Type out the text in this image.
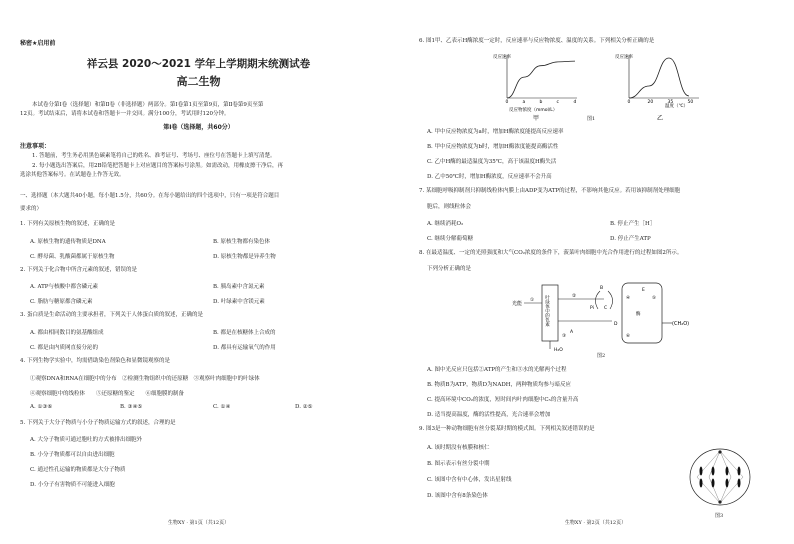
秘密★启用前
祥云县 2020～2021 学年上学期期末统测试卷
高二生物
本试卷分第Ⅰ卷（选择题）和第Ⅱ卷（非选择题）两部分。第Ⅰ卷第1页至第9页，第Ⅱ卷第9页至第
12页。考试结束后，请将本试卷和答题卡一并交回。满分100分，考试用时120分钟。
第Ⅰ卷（选择题，共60分）
注意事项：
1. 答题前，考生务必用黑色碳素笔将自己的姓名、准考证号、考场号、座位号在答题卡上填写清楚。
2. 每小题选出答案后，用2B铅笔把答题卡上对应题目的答案标号涂黑。如需改动，用橡皮擦干净后，再
选涂其他答案标号。在试题卷上作答无效。
一、选择题（本大题共40小题，每小题1.5分，共60分。在每小题给出的四个选项中，只有一项是符合题目
要求的）
1. 下列有关原核生物的叙述，正确的是
A. 原核生物的遗传物质是DNA	B. 原核生物都有染色体
C. 酵母菌、乳酸菌都属于原核生物	D. 原核生物都是异养生物
2. 下列关于化合物中所含元素的叙述，错误的是
A. ATP与核酸中都含磷元素	B. 胰岛素中含氮元素
C. 脂肪与糖原都含磷元素	D. 叶绿素中含镁元素
3. 蛋白质是生命活动的主要承担者，下列关于人体蛋白质的叙述，正确的是
A. 都由相同数目的氨基酸组成	B. 都是在核糖体上合成的
C. 都是由内质网直接分泌的	D. 都具有运输氧气的作用
4. 下列生物学实验中，均需借助染色剂染色和显微镜观察的是
①观察DNA和RNA在细胞中的分布　②检测生物组织中的还原糖　③观察叶肉细胞中的叶绿体
④观察细胞中的线粒体　　⑤还原糖的鉴定　　⑥细胞膜的制备
A. ①③⑥	B. ③④⑤	C. ①④	D. ②⑤
5. 下列关于大分子物质与小分子物质运输方式的叙述，合理的是
A. 大分子物质可通过胞吐的方式被排出细胞外
B. 小分子物质都可以自由进出细胞
C. 通过性孔运输的物质都是大分子物质
D. 小分子有害物质不可能进入细胞
生物XY · 第1页（共12页）
6. 图1甲、乙表示H酶浓度一定时，反应速率与反应物浓度、温度的关系。下列相关分析正确的是
反应速率
0	a	b	c	d
反应物浓度（mmol/L）
甲
反应速率
0	20	35	50
温度（℃）
乙
图1
A. 甲中反应物浓度为a时，增加H酶浓度能提高反应速率
B. 甲中反应物浓度为b时，增加H酶浓度能提高酶活性
C. 乙中H酶的最适温度为35℃，高于该温度H酶失活
D. 乙中50℃时，增加H酶浓度，反应速率不会升高
7. 某细胞呼吸抑制剂只抑制线粒体内膜上由ADP变为ATP的过程，不影响其他反应。若用该抑制剂处理细胞
胞后，则线粒体会
A. 继续消耗O₂	B. 停止产生［H］
C. 继续分解葡萄糖	D. 停止产生ATP
8. 在最适温度、一定的光照强度和大气CO₂浓度的条件下，菠菜叶肉细胞中光合作用进行的过程如图2所示。
下列分析正确的是
光能
① 叶绿体中的色素	②
H₂O
③
A
B
Pi C
D
酶
E
④	⑤
⑥
(CH₂O)
图2
A. 图中光反应只包括②ATP的产生和③水的光解两个过程
B. 物质B为ATP，物质D为NADH，两种物质均参与暗反应
C. 提高环境中CO₂的浓度，短时间内叶肉细胞中C₅的含量升高
D. 适当提高温度，酶的活性提高，光合速率会增加
9. 图3是一种动物细胞有丝分裂某时期的模式图。下列相关叙述错误的是
A. 该时期没有核膜和核仁
B. 图示表示有丝分裂中期
C. 该图中含有中心体，发出星射线
D. 该图中含有8条染色体
图3
生物XY · 第2页（共12页）
